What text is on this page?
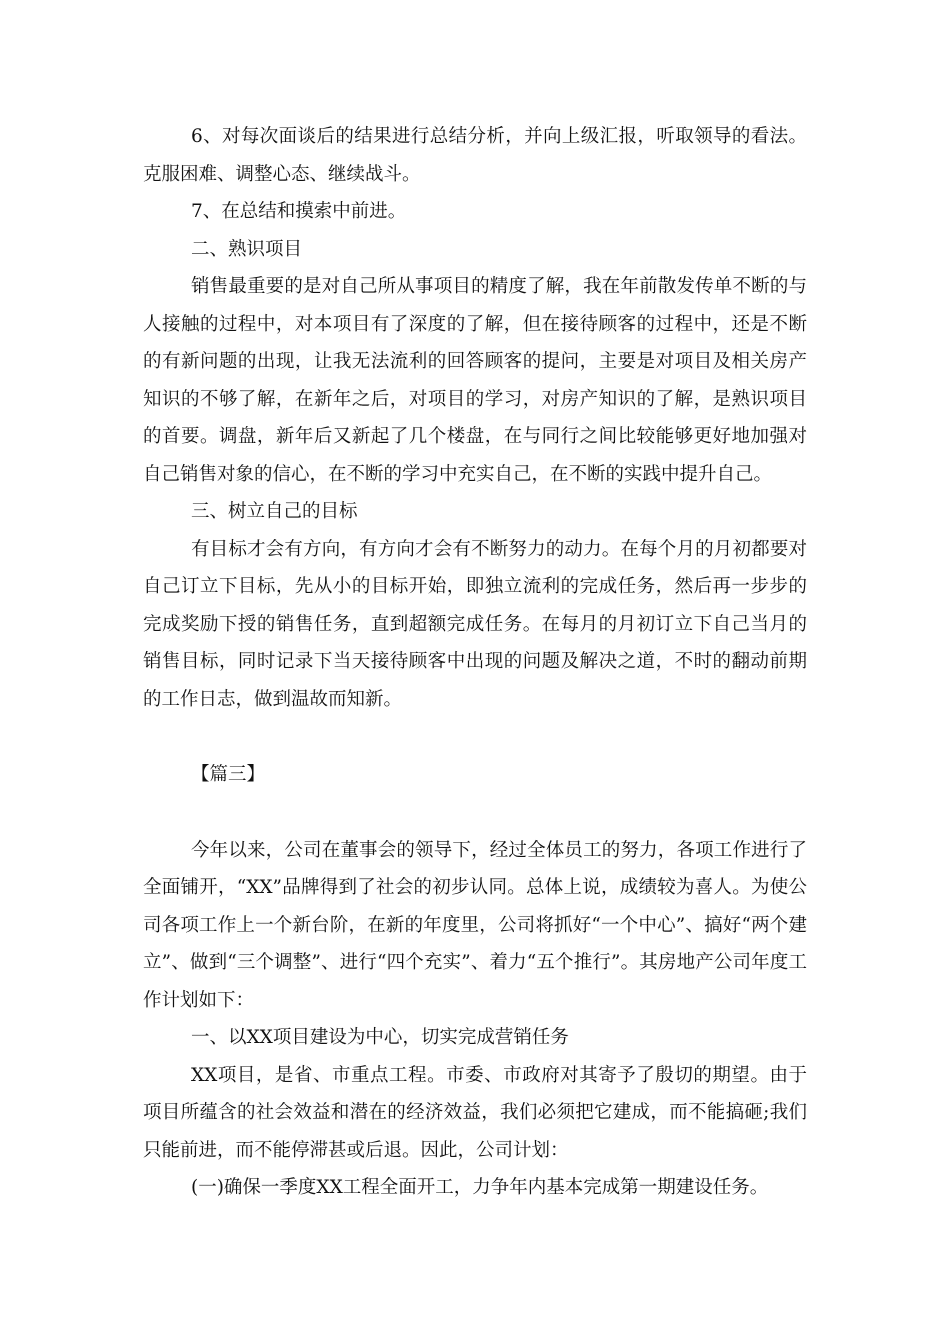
6、对每次面谈后的结果进行总结分析，并向上级汇报，听取领导的看法。克服困难、调整心态、继续战斗。

7、在总结和摸索中前进。

二、熟识项目

销售最重要的是对自己所从事项目的精度了解，我在年前散发传单不断的与人接触的过程中，对本项目有了深度的了解，但在接待顾客的过程中，还是不断的有新问题的出现，让我无法流利的回答顾客的提问，主要是对项目及相关房产知识的不够了解，在新年之后，对项目的学习，对房产知识的了解，是熟识项目的首要。调盘，新年后又新起了几个楼盘，在与同行之间比较能够更好地加强对自己销售对象的信心，在不断的学习中充实自己，在不断的实践中提升自己。

三、树立自己的目标

有目标才会有方向，有方向才会有不断努力的动力。在每个月的月初都要对自己订立下目标，先从小的目标开始，即独立流利的完成任务，然后再一步步的完成奖励下授的销售任务，直到超额完成任务。在每月的月初订立下自己当月的销售目标，同时记录下当天接待顾客中出现的问题及解决之道，不时的翻动前期的工作日志，做到温故而知新。

【篇三】

今年以来，公司在董事会的领导下，经过全体员工的努力，各项工作进行了全面铺开，“XX”品牌得到了社会的初步认同。总体上说，成绩较为喜人。为使公司各项工作上一个新台阶，在新的年度里，公司将抓好“一个中心”、搞好“两个建立”、做到“三个调整”、进行“四个充实”、着力“五个推行”。其房地产公司年度工作计划如下：

一、以XX项目建设为中心，切实完成营销任务

XX项目，是省、市重点工程。市委、市政府对其寄予了殷切的期望。由于项目所蕴含的社会效益和潜在的经济效益，我们必须把它建成，而不能搞砸;我们只能前进，而不能停滞甚或后退。因此，公司计划：

(一)确保一季度XX工程全面开工，力争年内基本完成第一期建设任务。
